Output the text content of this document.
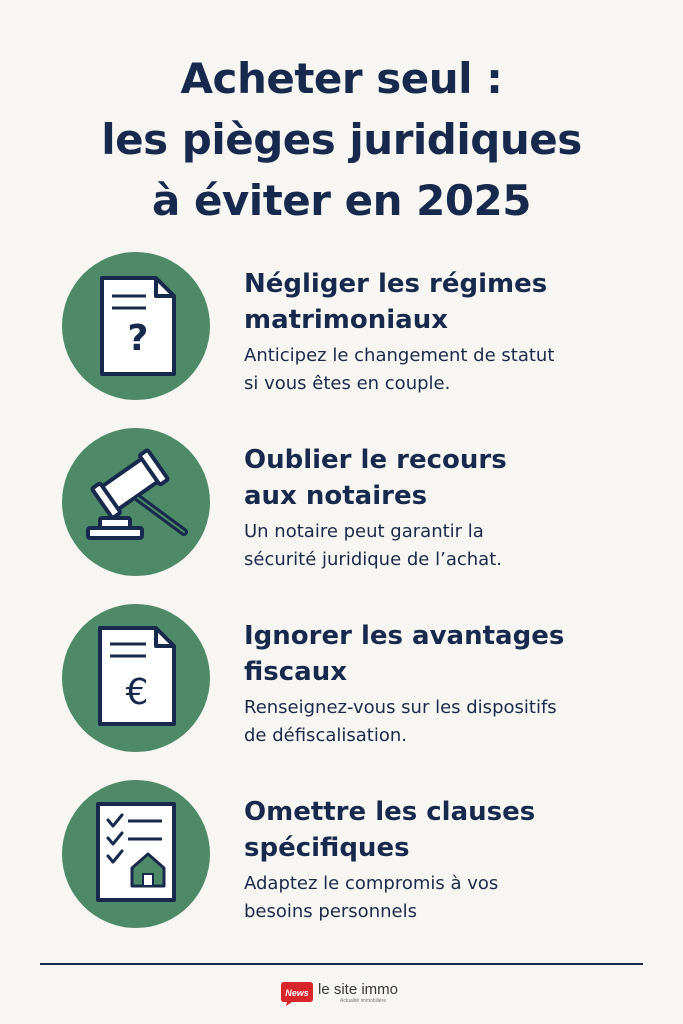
Acheter seul :
les pièges juridiques
à éviter en 2025
?
Négliger les régimes
matrimoniaux

Anticipez le changement de statut
si vous êtes en couple.

Oublier le recours
aux notaires

Un notaire peut garantir la
sécurité juridique de l’achat.

€
Ignorer les avantages
fiscaux

Renseignez-vous sur les dispositifs
de défiscalisation.

Omettre les clauses
spécifiques

Adaptez le compromis à vos
besoins personnels

News le site immo
Actualité immobilière
